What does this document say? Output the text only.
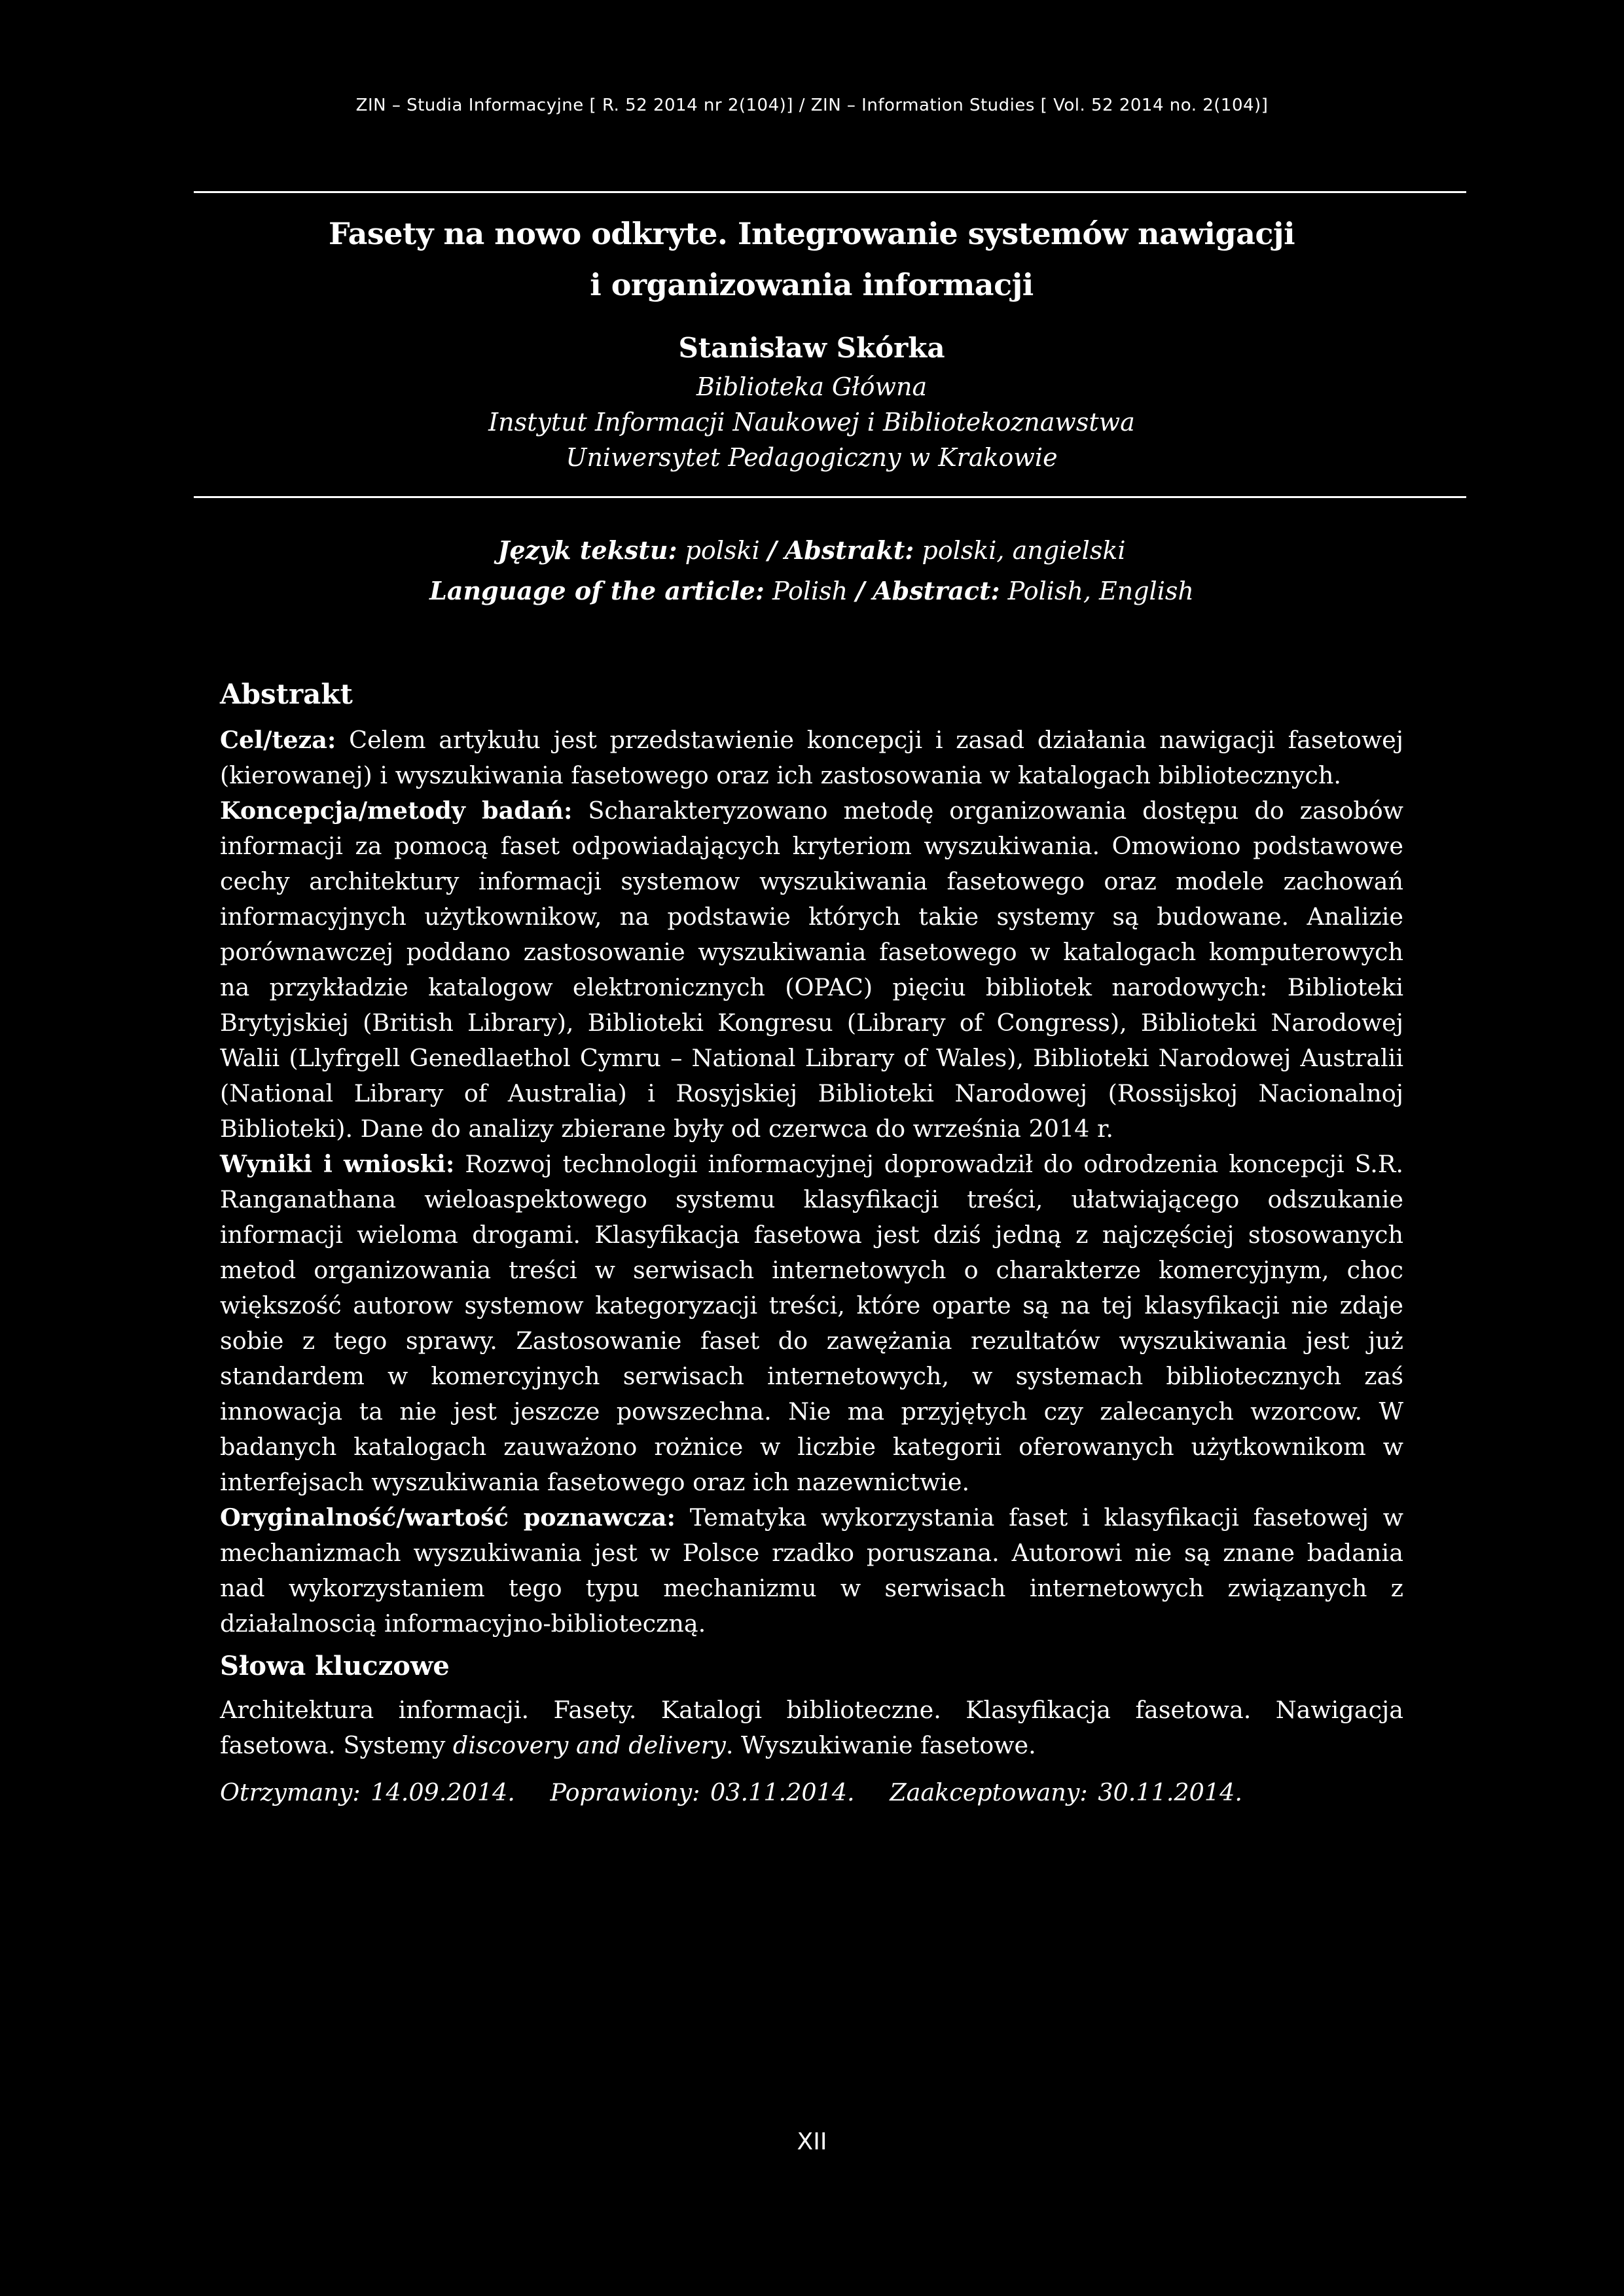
ZIN – Studia Informacyjne [ R. 52 2014 nr 2(104)] / ZIN – Information Studies [ Vol. 52 2014 no. 2(104)]
Fasety na nowo odkryte. Integrowanie systemów nawigacji
i organizowania informacji
Stanisław Skórka
Biblioteka Główna
Instytut Informacji Naukowej i Bibliotekoznawstwa
Uniwersytet Pedagogiczny w Krakowie
Język tekstu: polski / Abstrakt: polski, angielski
Language of the article: Polish / Abstract: Polish, English
Abstrakt

Cel/teza: Celem artykułu jest przedstawienie koncepcji i zasad działania nawigacji fasetowej (kierowanej) i wyszukiwania fasetowego oraz ich zastosowania w katalogach bibliotecznych.

Koncepcja/metody badań: Scharakteryzowano metodę organizowania dostępu do zasobów informacji za pomocą faset odpowiadających kryteriom wyszukiwania. Omowiono podstawowe cechy architektury informacji systemow wyszukiwania fasetowego oraz modele zachowań informacyjnych użytkownikow, na podstawie których takie systemy są budowane. Analizie porównawczej poddano zastosowanie wyszukiwania fasetowego w katalogach komputerowych na przykładzie katalogow elektronicznych (OPAC) pięciu bibliotek narodowych: Biblioteki Brytyjskiej (British Library), Biblioteki Kongresu (Library of Congress), Biblioteki Narodowej Walii (Llyfrgell Genedlaethol Cymru – National Library of Wales), Biblioteki Narodowej Australii (National Library of Australia) i Rosyjskiej Biblioteki Narodowej (Rossijskoj Nacionalnoj Biblioteki). Dane do analizy zbierane były od czerwca do września 2014 r.

Wyniki i wnioski: Rozwoj technologii informacyjnej doprowadził do odrodzenia koncepcji S.R. Ranganathana wieloaspektowego systemu klasyfikacji treści, ułatwiającego odszukanie informacji wieloma drogami. Klasyfikacja fasetowa jest dziś jedną z najczęściej stosowanych metod organizowania treści w serwisach internetowych o charakterze komercyjnym, choc większość autorow systemow kategoryzacji treści, które oparte są na tej klasyfikacji nie zdaje sobie z tego sprawy. Zastosowanie faset do zawężania rezultatów wyszukiwania jest już standardem w komercyjnych serwisach internetowych, w systemach bibliotecznych zaś innowacja ta nie jest jeszcze powszechna. Nie ma przyjętych czy zalecanych wzorcow. W badanych katalogach zauważono rożnice w liczbie kategorii oferowanych użytkownikom w interfejsach wyszukiwania fasetowego oraz ich nazewnictwie.

Oryginalność/wartość poznawcza: Tematyka wykorzystania faset i klasyfikacji fasetowej w mechanizmach wyszukiwania jest w Polsce rzadko poruszana. Autorowi nie są znane badania nad wykorzystaniem tego typu mechanizmu w serwisach internetowych związanych z działalnoscią informacyjno-biblioteczną.

Słowa kluczowe

Architektura informacji. Fasety. Katalogi biblioteczne. Klasyfikacja fasetowa. Nawigacja fasetowa. Systemy discovery and delivery. Wyszukiwanie fasetowe.

Otrzymany: 14.09.2014. Poprawiony: 03.11.2014. Zaakceptowany: 30.11.2014.

XII
